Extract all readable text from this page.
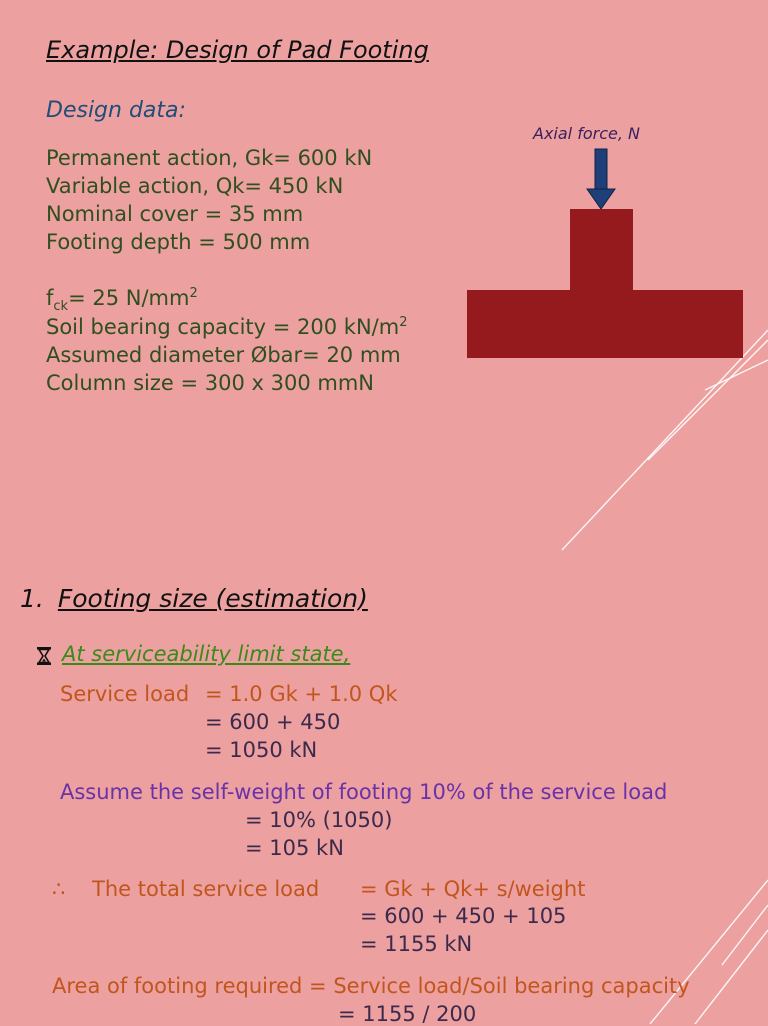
Example: Design of Pad Footing
Design data:
Permanent action, Gk= 600 kN
Variable action, Qk= 450 kN
Nominal cover = 35 mm
Footing depth = 500 mm
$f_{ck}= 25$ $N/mm^2$
Soil bearing capacity = 200 $kN/m^2$
Assumed diameter Øbar= 20 mm
Column size = 300 x 300 mmN
Axial force, N
1. Footing size (estimation)
At serviceability limit state,
Service load = 1.0 Gk + 1.0 Qk
= 600 + 450
= 1050 kN
Assume the self-weight of footing 10% of the service load
= 10% (1050)
= 105 kN
∴ The total service load = Gk + Qk+ s/weight
= 600 + 450 + 105
= 1155 kN
Area of footing required = Service load/Soil bearing capacity
= 1155 / 200
